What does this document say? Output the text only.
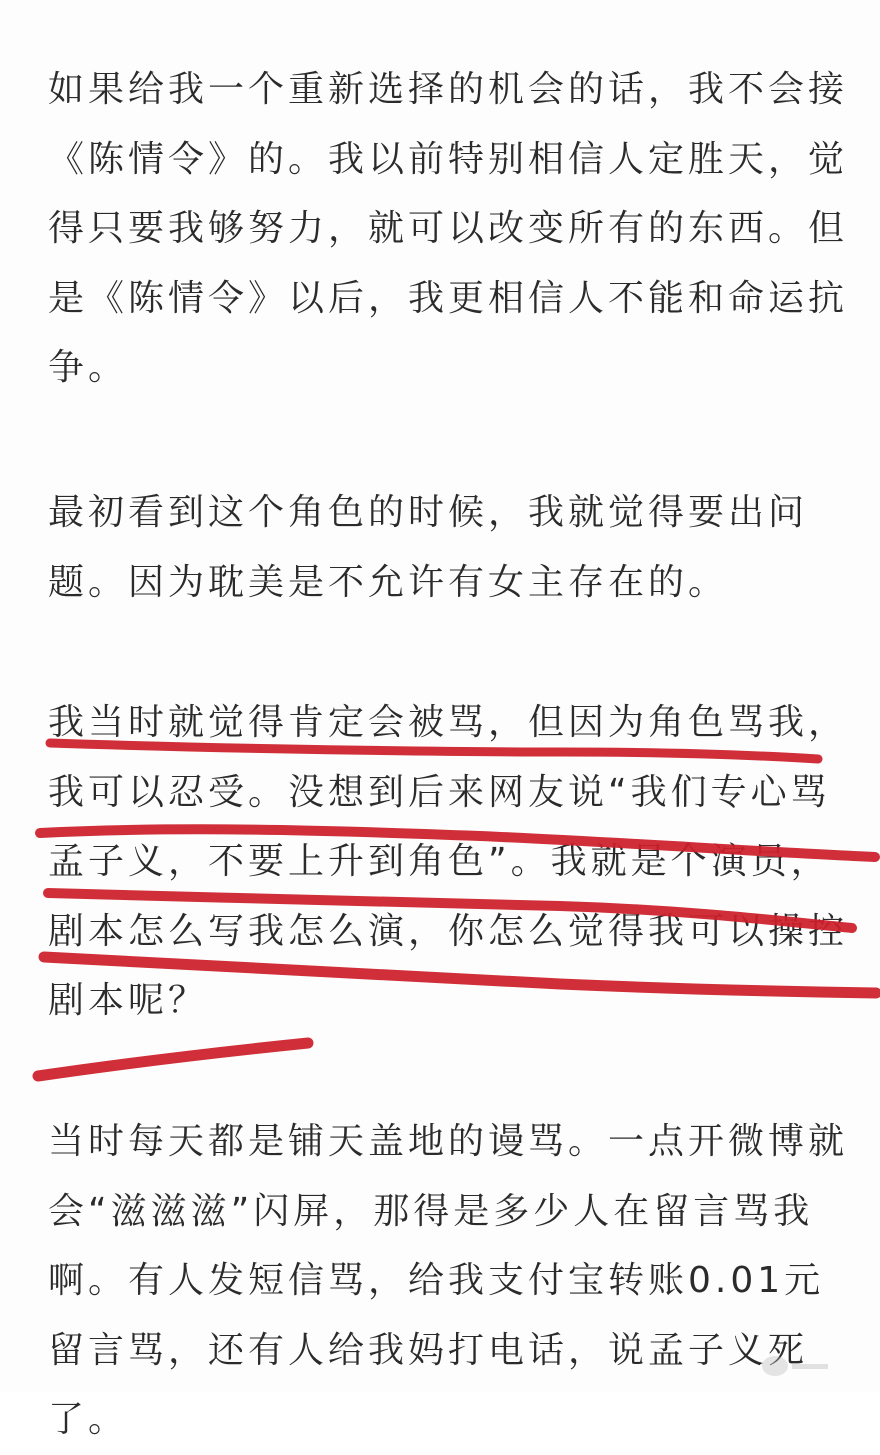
如果给我一个重新选择的机会的话，我不会接《陈情令》的。我以前特别相信人定胜天，觉得只要我够努力，就可以改变所有的东西。但是《陈情令》以后，我更相信人不能和命运抗争。

最初看到这个角色的时候，我就觉得要出问题。因为耽美是不允许有女主存在的。

我当时就觉得肯定会被骂，但因为角色骂我，我可以忍受。没想到后来网友说“我们专心骂孟子义，不要上升到角色”。我就是个演员，剧本怎么写我怎么演，你怎么觉得我可以操控剧本呢？

当时每天都是铺天盖地的谩骂。一点开微博就会“滋滋滋”闪屏，那得是多少人在留言骂我啊。有人发短信骂，给我支付宝转账0.01元留言骂，还有人给我妈打电话，说孟子义死了。
